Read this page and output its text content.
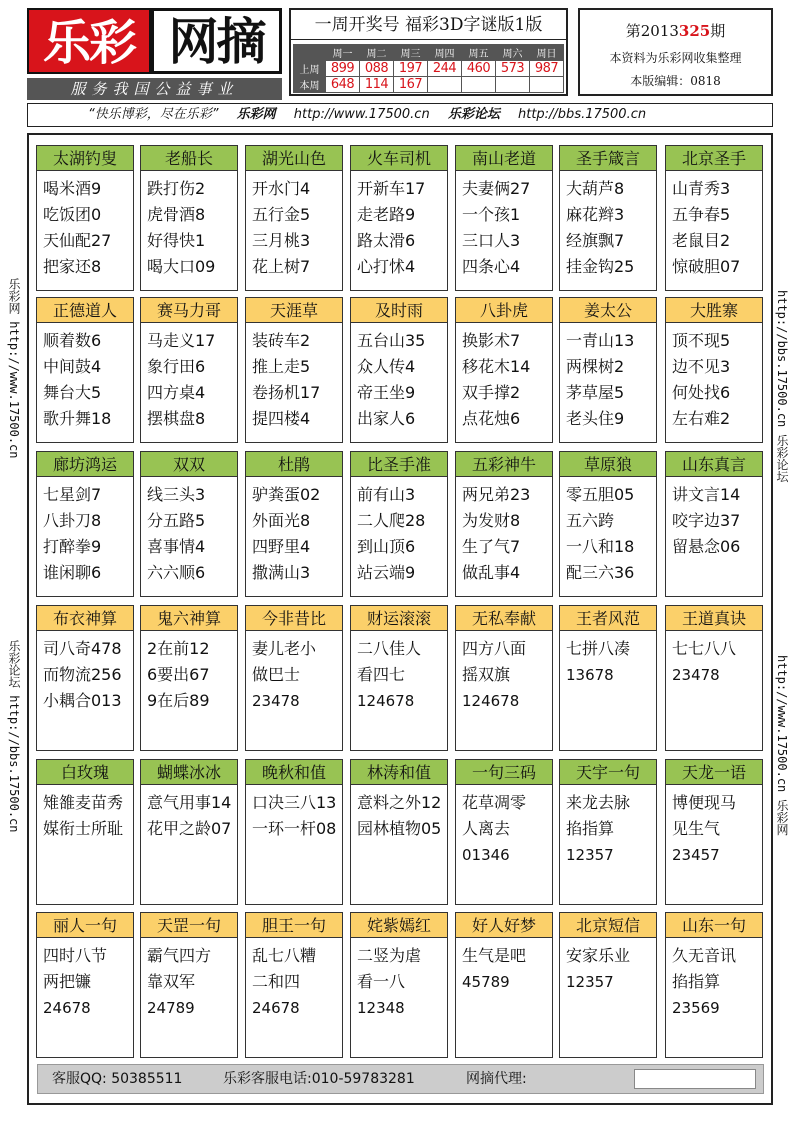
乐彩 网摘
服务我国公益事业
一周开奖号 福彩3D字谜版1版
	周一	周二	周三	周四	周五	周六	周日
上周	899	088	197	244	460	573	987
本周	648	114	167				
第2013325期
本资料为乐彩网收集整理
本版编辑：0818
“快乐博彩，尽在乐彩” 乐彩网 http://www.17500.cn 乐彩论坛 http://bbs.17500.cn
乐彩网 http://www.17500.cn
乐彩论坛 http://bbs.17500.cn
http://bbs.17500.cn 乐彩论坛
http://www.17500.cn 乐彩网
太湖钓叟
喝米酒9
吃饭团0
天仙配27
把家还8
老船长
跌打伤2
虎骨酒8
好得快1
喝大口09
湖光山色
开水门4
五行金5
三月桃3
花上树7
火车司机
开新车17
走老路9
路太滑6
心打怵4
南山老道
夫妻俩27
一个孩1
三口人3
四条心4
圣手箴言
大葫芦8
麻花辫3
经旗飘7
挂金钩25
北京圣手
山青秀3
五争春5
老鼠目2
惊破胆07
正德道人
顺着数6
中间鼓4
舞台大5
歌升舞18
赛马力哥
马走义17
象行田6
四方桌4
摆棋盘8
天涯草
装砖车2
推上走5
卷扬机17
提四楼4
及时雨
五台山35
众人传4
帝王坐9
出家人6
八卦虎
换影术7
移花木14
双手撑2
点花烛6
姜太公
一青山13
两棵树2
茅草屋5
老头住9
大胜寨
顶不现5
边不见3
何处找6
左右难2
廊坊鸿运
七星剑7
八卦刀8
打醉拳9
谁闲聊6
双双
线三头3
分五路5
喜事情4
六六顺6
杜鹃
驴粪蛋02
外面光8
四野里4
撒满山3
比圣手准
前有山3
二人爬28
到山顶6
站云端9
五彩神牛
两兄弟23
为发财8
生了气7
做乱事4
草原狼
零五胆05
五六跨
一八和18
配三六36
山东真言
讲文言14
咬字边37
留悬念06
布衣神算
司八奇478
而物流256
小耦合013
鬼六神算
2在前12
6要出67
9在后89
今非昔比
妻儿老小
做巴士
23478
财运滚滚
二八佳人
看四七
124678
无私奉献
四方八面
摇双旗
124678
王者风范
七拼八凑
13678
王道真诀
七七八八
23478
白玫瑰
雉雒麦苗秀
媒衔士所耻
蝴蝶冰冰
意气用事14
花甲之龄07
晚秋和值
口决三八13
一环一杆08
林涛和值
意料之外12
园林植物05
一句三码
花草凋零
人离去
01346
天宇一句
来龙去脉
掐指算
12357
天龙一语
博便现马
见生气
23457
丽人一句
四时八节
两把镰
24678
天罡一句
霸气四方
靠双军
24789
胆王一句
乱七八糟
二和四
24678
姹紫嫣红
二竖为虐
看一八
12348
好人好梦
生气是吧
45789
北京短信
安家乐业
12357
山东一句
久无音讯
掐指算
23569
客服QQ: 50385511	乐彩客服电话:010-59783281	网摘代理:
